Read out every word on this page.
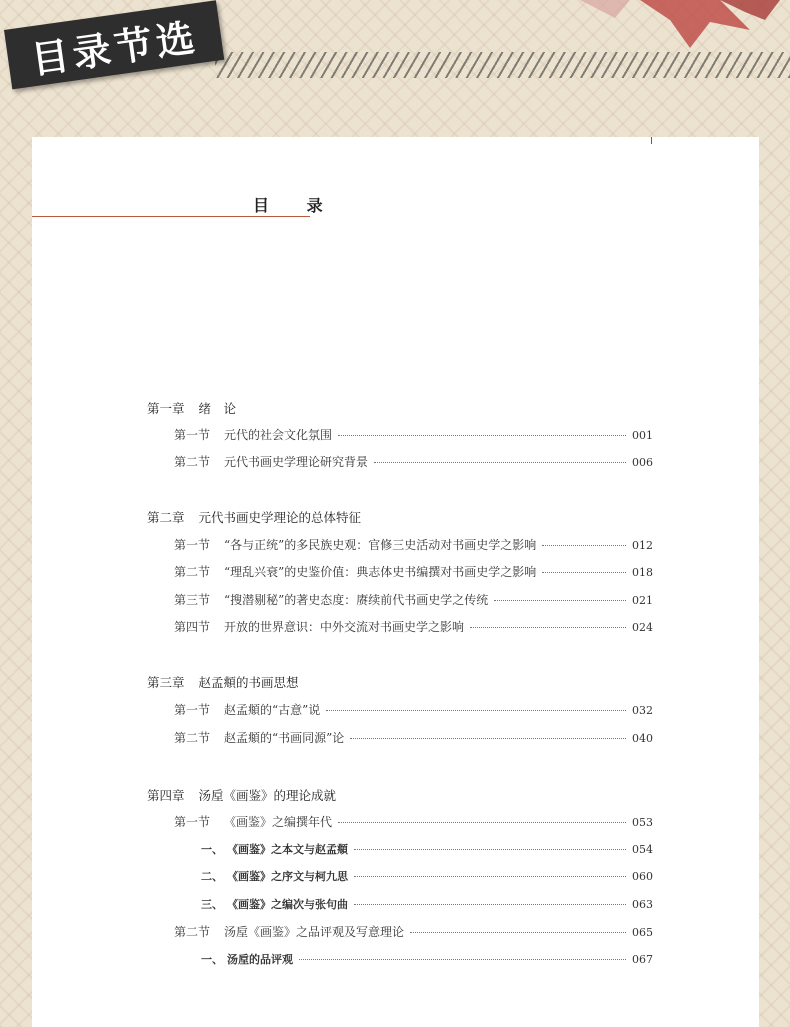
目录节选
目 录
第一章 绪　论
第一节 元代的社会文化氛围	001
第二节 元代书画史学理论研究背景	006
第二章 元代书画史学理论的总体特征
第一节 “各与正统”的多民族史观：官修三史活动对书画史学之影响	012
第二节 “理乱兴衰”的史鉴价值：典志体史书编撰对书画史学之影响	018
第三节 “搜潜剔秘”的著史态度：赓续前代书画史学之传统	021
第四节 开放的世界意识：中外交流对书画史学之影响	024
第三章 赵孟頫的书画思想
第一节 赵孟頫的“古意”说	032
第二节 赵孟頫的“书画同源”论	040
第四章 汤垕《画鉴》的理论成就
第一节 《画鉴》之编撰年代	053
一、 《画鉴》之本文与赵孟頫	054
二、 《画鉴》之序文与柯九思	060
三、 《画鉴》之编次与张句曲	063
第二节 汤垕《画鉴》之品评观及写意理论	065
一、 汤垕的品评观	067
